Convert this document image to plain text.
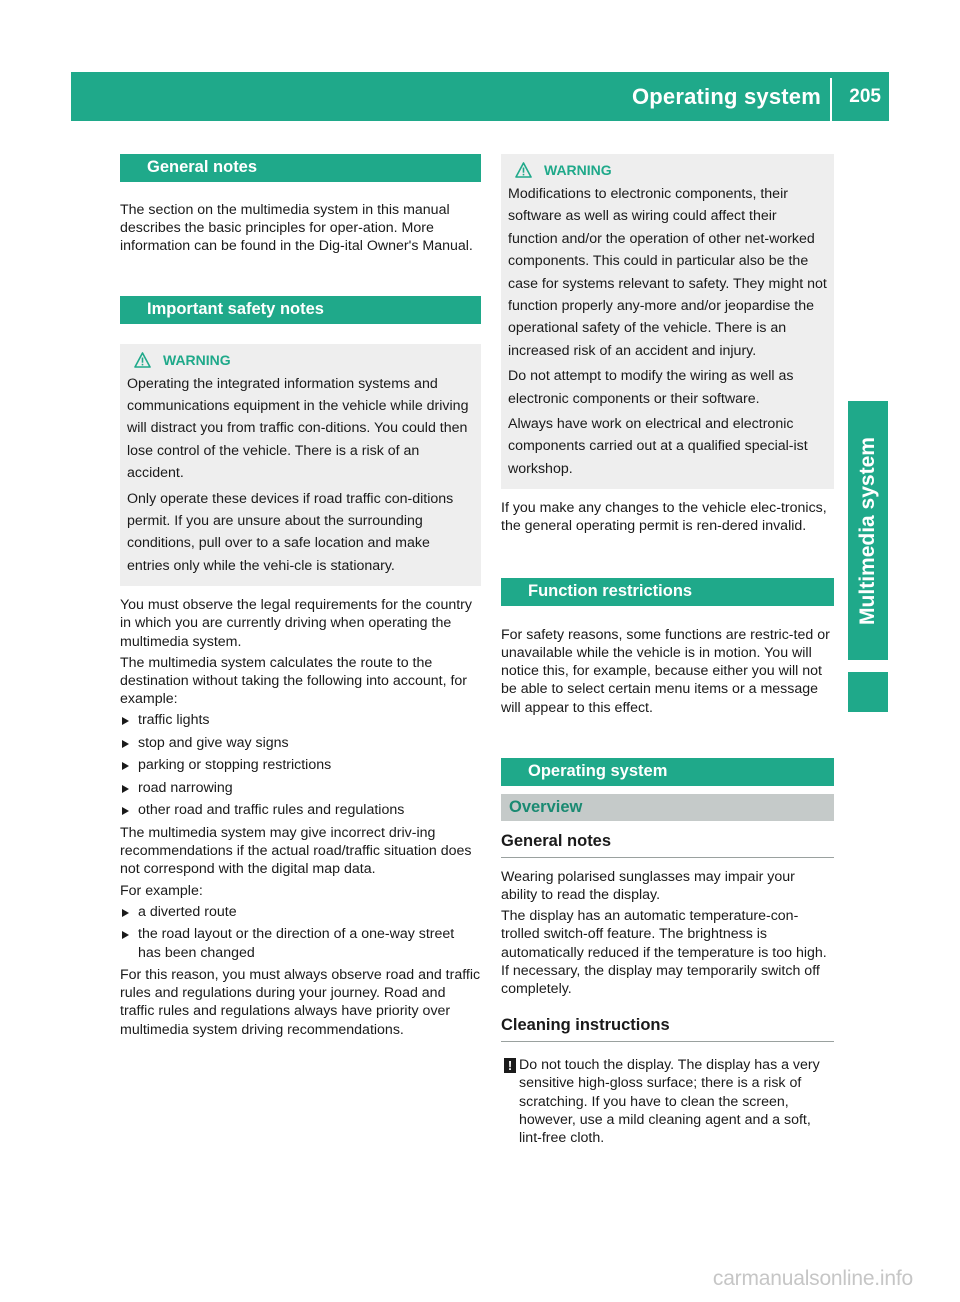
Operating system 205
Multimedia system
General notes

The section on the multimedia system in this manual describes the basic principles for oper-ation. More information can be found in the Dig-ital Owner's Manual.

Important safety notes
WARNING

Operating the integrated information systems and communications equipment in the vehicle while driving will distract you from traffic con-ditions. You could then lose control of the vehicle. There is a risk of an accident.

Only operate these devices if road traffic con-ditions permit. If you are unsure about the surrounding conditions, pull over to a safe location and make entries only while the vehi-cle is stationary.

You must observe the legal requirements for the country in which you are currently driving when operating the multimedia system.

The multimedia system calculates the route to the destination without taking the following into account, for example:

traffic lights
stop and give way signs
parking or stopping restrictions
road narrowing
other road and traffic rules and regulations

The multimedia system may give incorrect driv-ing recommendations if the actual road/traffic situation does not correspond with the digital map data.

For example:

a diverted route
the road layout or the direction of a one-way street has been changed

For this reason, you must always observe road and traffic rules and regulations during your journey. Road and traffic rules and regulations always have priority over multimedia system driving recommendations.

WARNING

Modifications to electronic components, their software as well as wiring could affect their function and/or the operation of other net-worked components. This could in particular also be the case for systems relevant to safety. They might not function properly any-more and/or jeopardise the operational safety of the vehicle. There is an increased risk of an accident and injury.

Do not attempt to modify the wiring as well as electronic components or their software.

Always have work on electrical and electronic components carried out at a qualified special-ist workshop.

If you make any changes to the vehicle elec-tronics, the general operating permit is ren-dered invalid.

Function restrictions

For safety reasons, some functions are restric-ted or unavailable while the vehicle is in motion. You will notice this, for example, because either you will not be able to select certain menu items or a message will appear to this effect.

Operating system
Overview
General notes

Wearing polarised sunglasses may impair your ability to read the display.

The display has an automatic temperature-con-trolled switch-off feature. The brightness is automatically reduced if the temperature is too high. If necessary, the display may temporarily switch off completely.

Cleaning instructions
! Do not touch the display. The display has a very sensitive high-gloss surface; there is a risk of scratching. If you have to clean the screen, however, use a mild cleaning agent and a soft, lint-free cloth.

carmanualsonline.info
